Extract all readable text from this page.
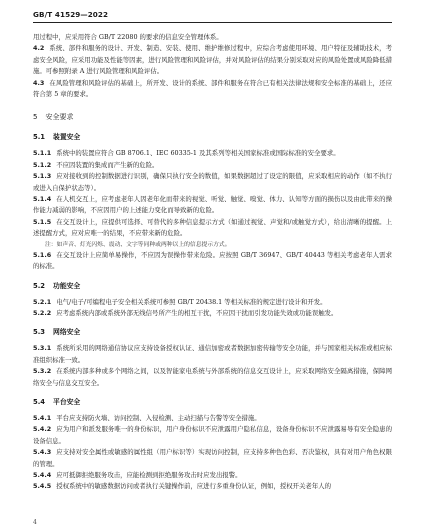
GB/T 41529—2022
用过程中，应采用符合 GB/T 22080 的要求的信息安全管理体系。
4.2 系统、部件和服务的设计、开发、制造、安装、使用、维护维修过程中，应综合考虑使用环境、用户特征及辅助技术，考虑安全风险，应采用功能及性能等因素，进行风险管理和风险评估，并对风险评估的结果分别采取对应的风险处置或风险降低措施。可参照附录 A 进行风险管理和风险评估。
4.3 在风险管理和风险评估的基础上，所开发、设计的系统、部件和服务在符合已有相关法律法规和安全标准的基础上，还应符合第 5 章的要求。
5 安全要求
5.1 装置安全
5.1.1 系统中的装置应符合 GB 8706.1、IEC 60335-1 及其系列等相关国家标准或国际标准的安全要求。
5.1.2 不应因装置的集成而产生新的危险。
5.1.3 应对接收到的控制数据进行识别，确保只执行安全的数值，如果数据超过了设定的限值，应采取相应的动作（如不执行或进入自保护状态等）。
5.1.4 在人机交互上，应考虑老年人因老年化而带来的视觉、听觉、触觉、嗅觉、体力、认知等方面的损伤以及由此带来的操作能力减弱的影响，不应因用户的上述能力变化而导致新的危险。
5.1.5 在交互设计上，应提供可选择、可替代的多种信息提示方式（如通过视觉、声觉和/或触觉方式），给出清晰的提醒。上述提醒方式，应对应唯一的结果，不应带来新的危险。
注：如声音、灯光闪烁、震动、文字等同种或两种以上的信息提示方式。
5.1.6 在交互设计上应简单易操作，不应因为误操作带来危险。应按照 GB/T 36947、GB/T 40443 等相关考虑老年人需求的标准。
5.2 功能安全
5.2.1 电气/电子/可编程电子安全相关系统可参照 GB/T 20438.1 等相关标准的规定进行设计和开发。
5.2.2 应考虑系统内部或系统外部无线信号所产生的相互干扰，不应因干扰而引发功能失效或功能误触发。
5.3 网络安全
5.3.1 系统所采用的网络通信协议应支持设备授权认证、通信加密或者数据加密传输等安全功能，并与国家相关标准或相应标准组织标准一致。
5.3.2 在系统内部多种或多个网络之间，以及智能家电系统与外部系统的信息交互设计上，应采取网络安全隔离措施，保障网络安全与信息交互安全。
5.4 平台安全
5.4.1 平台应支持防火墙、访问控制、入侵检测、主动扫描与告警等安全措施。
5.4.2 应为用户和派发服务唯一的身份标识，用户身份标识不应泄露用户隐私信息，设备身份标识不应泄露易导有安全隐患的设备信息。
5.4.3 应支持对安全属性或敏感的属性组（用户标识等）实现访问控制，应支持多种色色彩、否决鉴权，具有对用户角色权限的管理。
5.4.4 应可抵御拒绝服务攻击，应能检测到拒绝服务攻击时应发出报警。
5.4.5 授权系统中的敏感数据访问或者执行关键操作前，应进行多重身份认证，例如，授权开关老年人的
4
